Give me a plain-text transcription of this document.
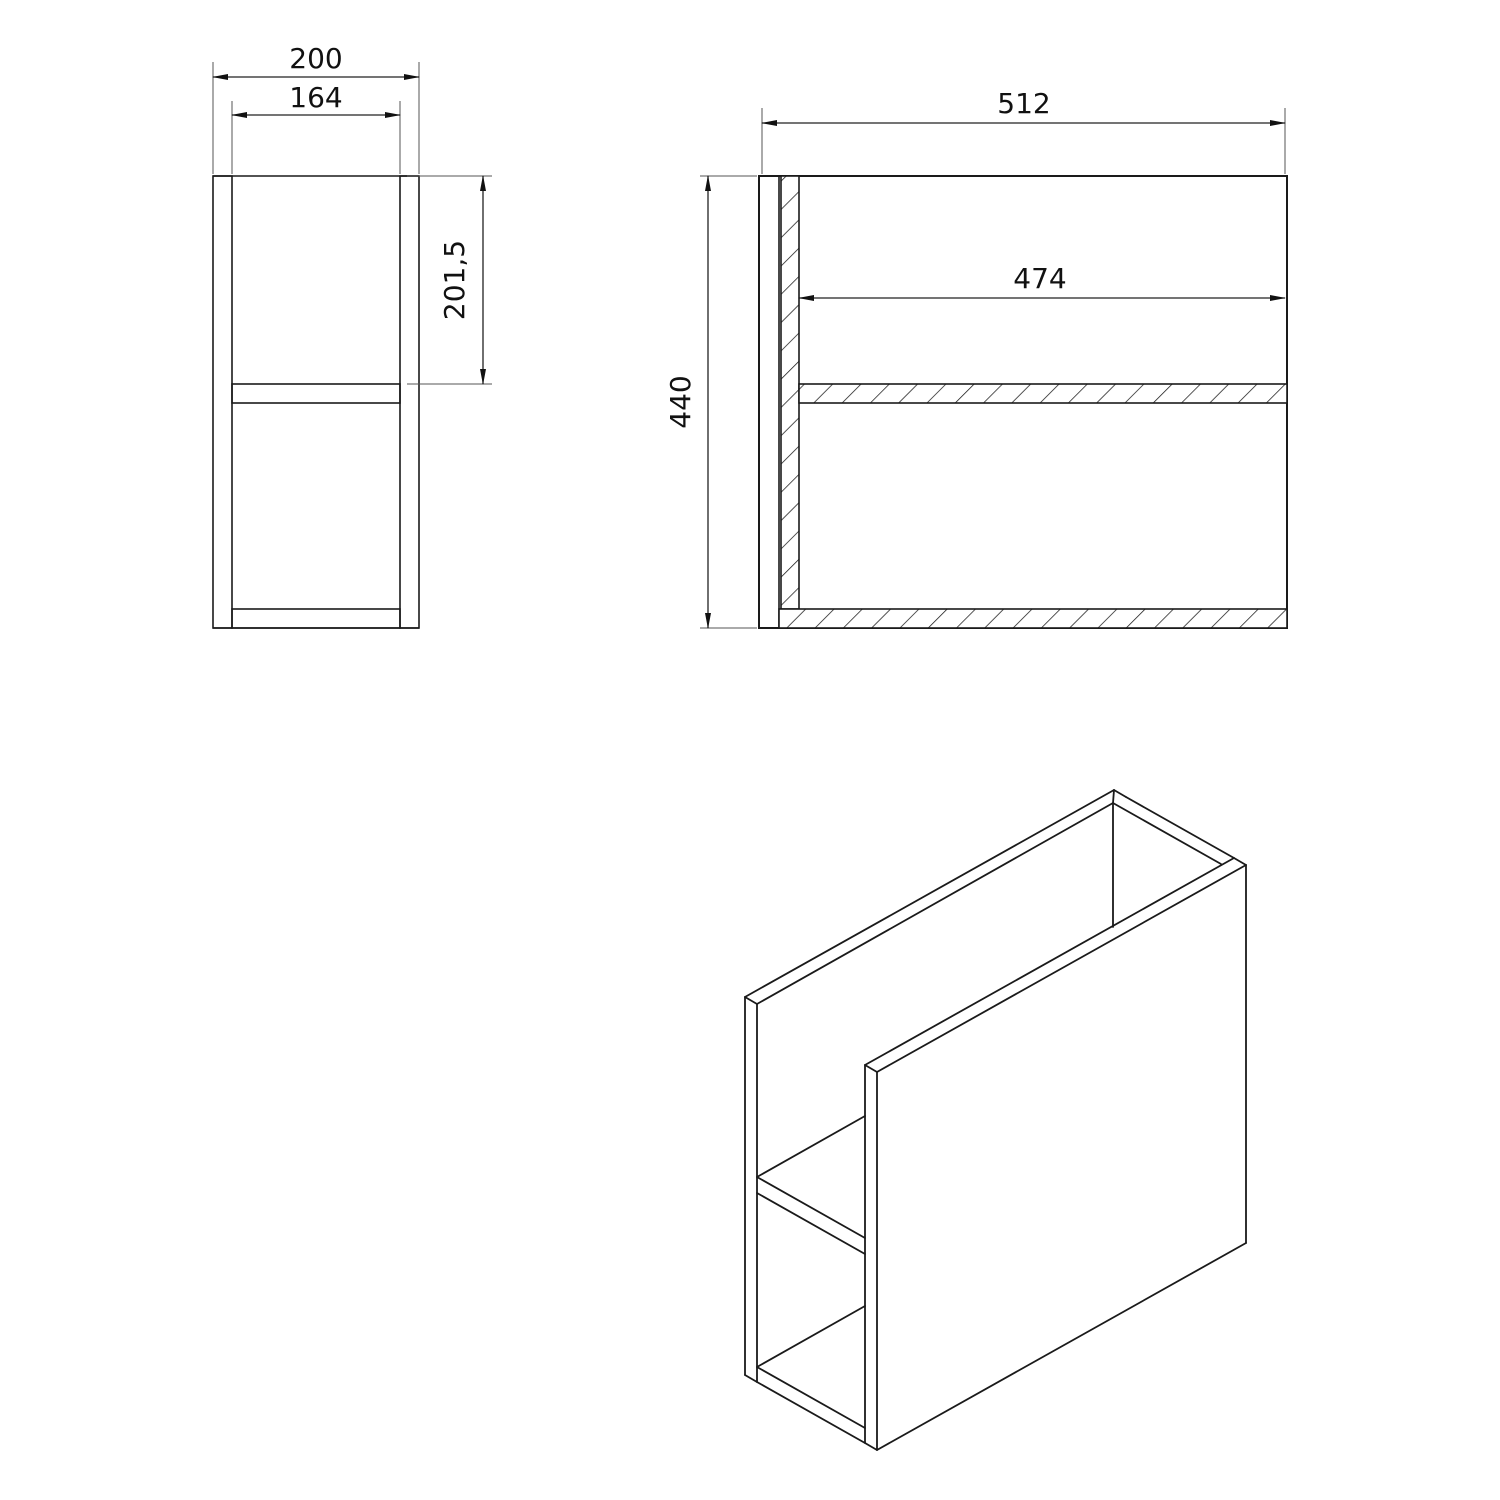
200
164
201,5
512
474
440
